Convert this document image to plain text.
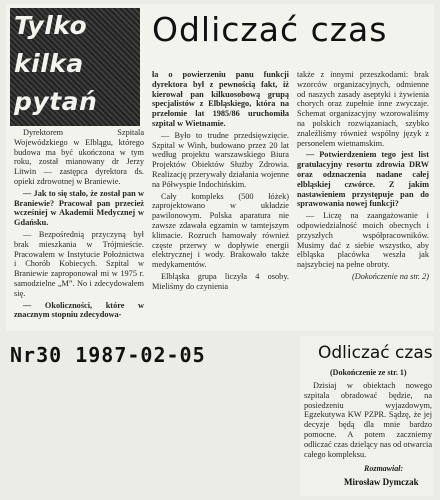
Tylko
kilka
pytań
Odliczać czas

Dyrektorem Szpitala Wojewódzkiego w Elblągu, którego budowa ma być ukończona w tym roku, został mianowany dr Jerzy Litwin — zastępca dyrektora ds. opieki zdrowotnej w Braniewie.

— Jak to się stało, że został pan w Braniewie? Pracował pan przecież wcześniej w Akademii Medycznej w Gdańsku.

— Bezpośrednią przyczyną był brak mieszkania w Trójmieście. Pracowałem w Instytucie Położnictwa i Chorób Kobiecych. Szpital w Braniewie zaproponował mi w 1975 r. samodzielne „M”. No i zdecydowałem się.

— Okoliczności, które w znacznym stopniu zdecydowa-

ła o powierzeniu panu funkcji dyrektora był z pewnością fakt, iż kierował pan kilkuosobową grupą specjalistów z Elbląskiego, która na przełomie lat 1985/86 uruchomiła szpital w Wietnamie.

— Było to trudne przedsięwzięcie. Szpital w Winh, budowano przez 20 lat według projektu warszawskiego Biura Projektów Obiektów Służby Zdrowia. Realizację przerywały działania wojenne na Półwyspie Indochińskim.

Cały kompleks (500 łóżek) zaprojektowano w układzie pawilonowym. Polska aparatura nie zawsze zdawała egzamin w tamtejszym klimacie. Rozruch hamowały również częste przerwy w dopływie energii elektrycznej i wody. Brakowało także medykamentów.

Elbląska grupa liczyła 4 osoby. Mieliśmy do czynienia

także z innymi przeszkodami: brak wzorców organizacyjnych, odmienne od naszych zasady aseptyki i żywienia chorych oraz zupełnie inne zwyczaje. Schemat organizacyjny wzorowaliśmy na polskich rozwiązaniach, szybko znaleźliśmy również wspólny język z personelem wietnamskim.

— Potwierdzeniem tego jest list gratulacyjny resortu zdrowia DRW oraz odznaczenia nadane całej elbląskiej czwórce. Z jakim nastawieniem przystępuje pan do sprawowania nowej funkcji?

— Liczę na zaangażowanie i odpowiedzialność moich obecnych i przyszłych współpracowników. Musimy dać z siebie wszystko, aby elbląska placówka weszła jak najszybciej na pełne obroty.

(Dokończenie na str. 2)
Nr30 1987-02-05	Odliczać czas
(Dokończenie ze str. 1)

Dzisiaj w obiektach nowego szpitala obradować będzie, na posiedzeniu wyjazdowym, Egzekutywa KW PZPR. Sądzę, że jej decyzje będą dla mnie bardzo pomocne. A potem zaczniemy odliczać czas dzielący nas od otwarcia całego kompleksu.

Rozmawiał:
Mirosław Dymczak
